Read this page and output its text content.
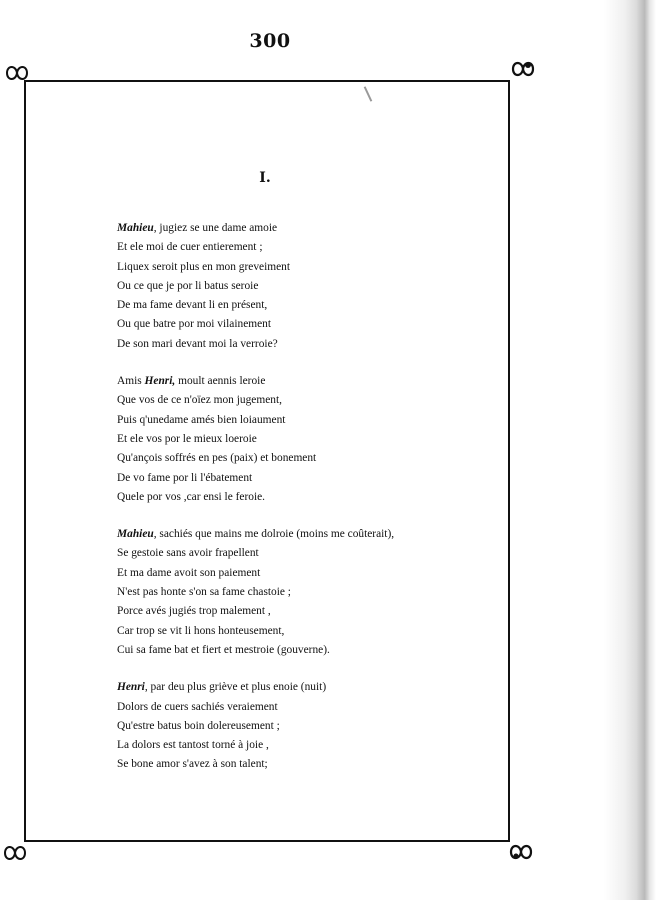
300
I.
Mahieu, jugiez se une dame amoie
Et ele moi de cuer entierement ;
Liquex seroit plus en mon greveiment
Ou ce que je por li batus seroie
De ma fame devant li en présent,
Ou que batre por moi vilainement
De son mari devant moi la verroie?
Amis Henri, moult aennis leroie
Que vos de ce n'oïez mon jugement,
Puis q'unedame amés bien loiaument
Et ele vos por le mieux loeroie
Qu'ançois soffrés en pes (paix) et bonement
De vo fame por li l'ébatement
Quele por vos ,car ensi le feroie.
Mahieu, sachiés que mains me dolroie (moins me coûterait),
Se gestoie sans avoir frapellent
Et ma dame avoit son paiement
N'est pas honte s'on sa fame chastoie ;
Porce avés jugiés trop malement ,
Car trop se vit li hons honteusement,
Cui sa fame bat et fiert et mestroie (gouverne).
Henri, par deu plus griève et plus enoie (nuit)
Dolors de cuers sachiés veraiement
Qu'estre batus boin dolereusement ;
La dolors est tantost torné à joie ,
Se bone amor s'avez à son talent;
